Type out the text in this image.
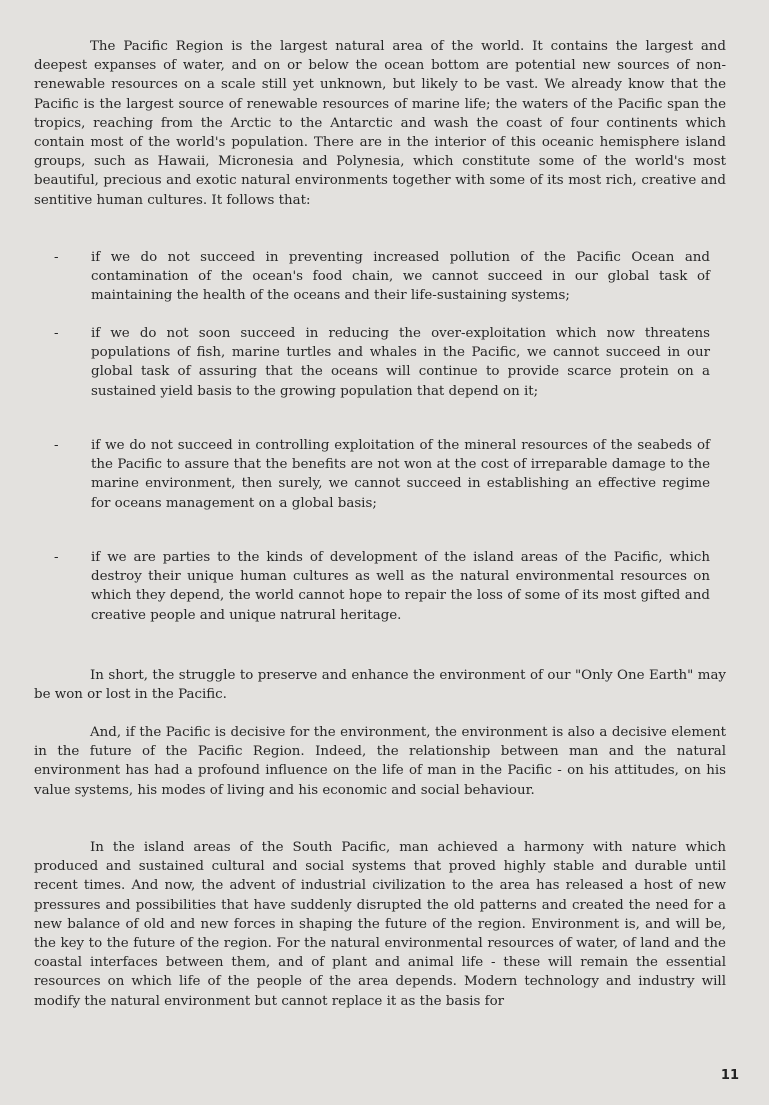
The Pacific Region is the largest natural area of the world. It contains the largest and deepest expanses of water, and on or below the ocean bottom are potential new sources of non-renewable resources on a scale still yet unknown, but likely to be vast. We already know that the Pacific is the largest source of renewable resources of marine life; the waters of the Pacific span the tropics, reaching from the Arctic to the Antarctic and wash the coast of four continents which contain most of the world's population. There are in the interior of this oceanic hemisphere island groups, such as Hawaii, Micronesia and Polynesia, which constitute some of the world's most beautiful, precious and exotic natural environments together with some of its most rich, creative and sentitive human cultures. It follows that:

- if we do not succeed in preventing increased pollution of the Pacific Ocean and contamination of the ocean's food chain, we cannot succeed in our global task of maintaining the health of the oceans and their life-sustaining systems;

- if we do not soon succeed in reducing the over-exploitation which now threatens populations of fish, marine turtles and whales in the Pacific, we cannot succeed in our global task of assuring that the oceans will continue to provide scarce protein on a sustained yield basis to the growing population that depend on it;

- if we do not succeed in controlling exploitation of the mineral resources of the seabeds of the Pacific to assure that the benefits are not won at the cost of irreparable damage to the marine environment, then surely, we cannot succeed in establishing an effective regime for oceans management on a global basis;

- if we are parties to the kinds of development of the island areas of the Pacific, which destroy their unique human cultures as well as the natural environmental resources on which they depend, the world cannot hope to repair the loss of some of its most gifted and creative people and unique natrural heritage.

In short, the struggle to preserve and enhance the environment of our "Only One Earth" may be won or lost in the Pacific.

And, if the Pacific is decisive for the environment, the environment is also a decisive element in the future of the Pacific Region. Indeed, the relationship between man and the natural environment has had a profound influence on the life of man in the Pacific - on his attitudes, on his value systems, his modes of living and his economic and social behaviour.

In the island areas of the South Pacific, man achieved a harmony with nature which produced and sustained cultural and social systems that proved highly stable and durable until recent times. And now, the advent of industrial civilization to the area has released a host of new pressures and possibilities that have suddenly disrupted the old patterns and created the need for a new balance of old and new forces in shaping the future of the region. Environment is, and will be, the key to the future of the region. For the natural environmental resources of water, of land and the coastal interfaces between them, and of plant and animal life - these will remain the essential resources on which life of the people of the area depends. Modern technology and industry will modify the natural environment but cannot replace it as the basis for

11
